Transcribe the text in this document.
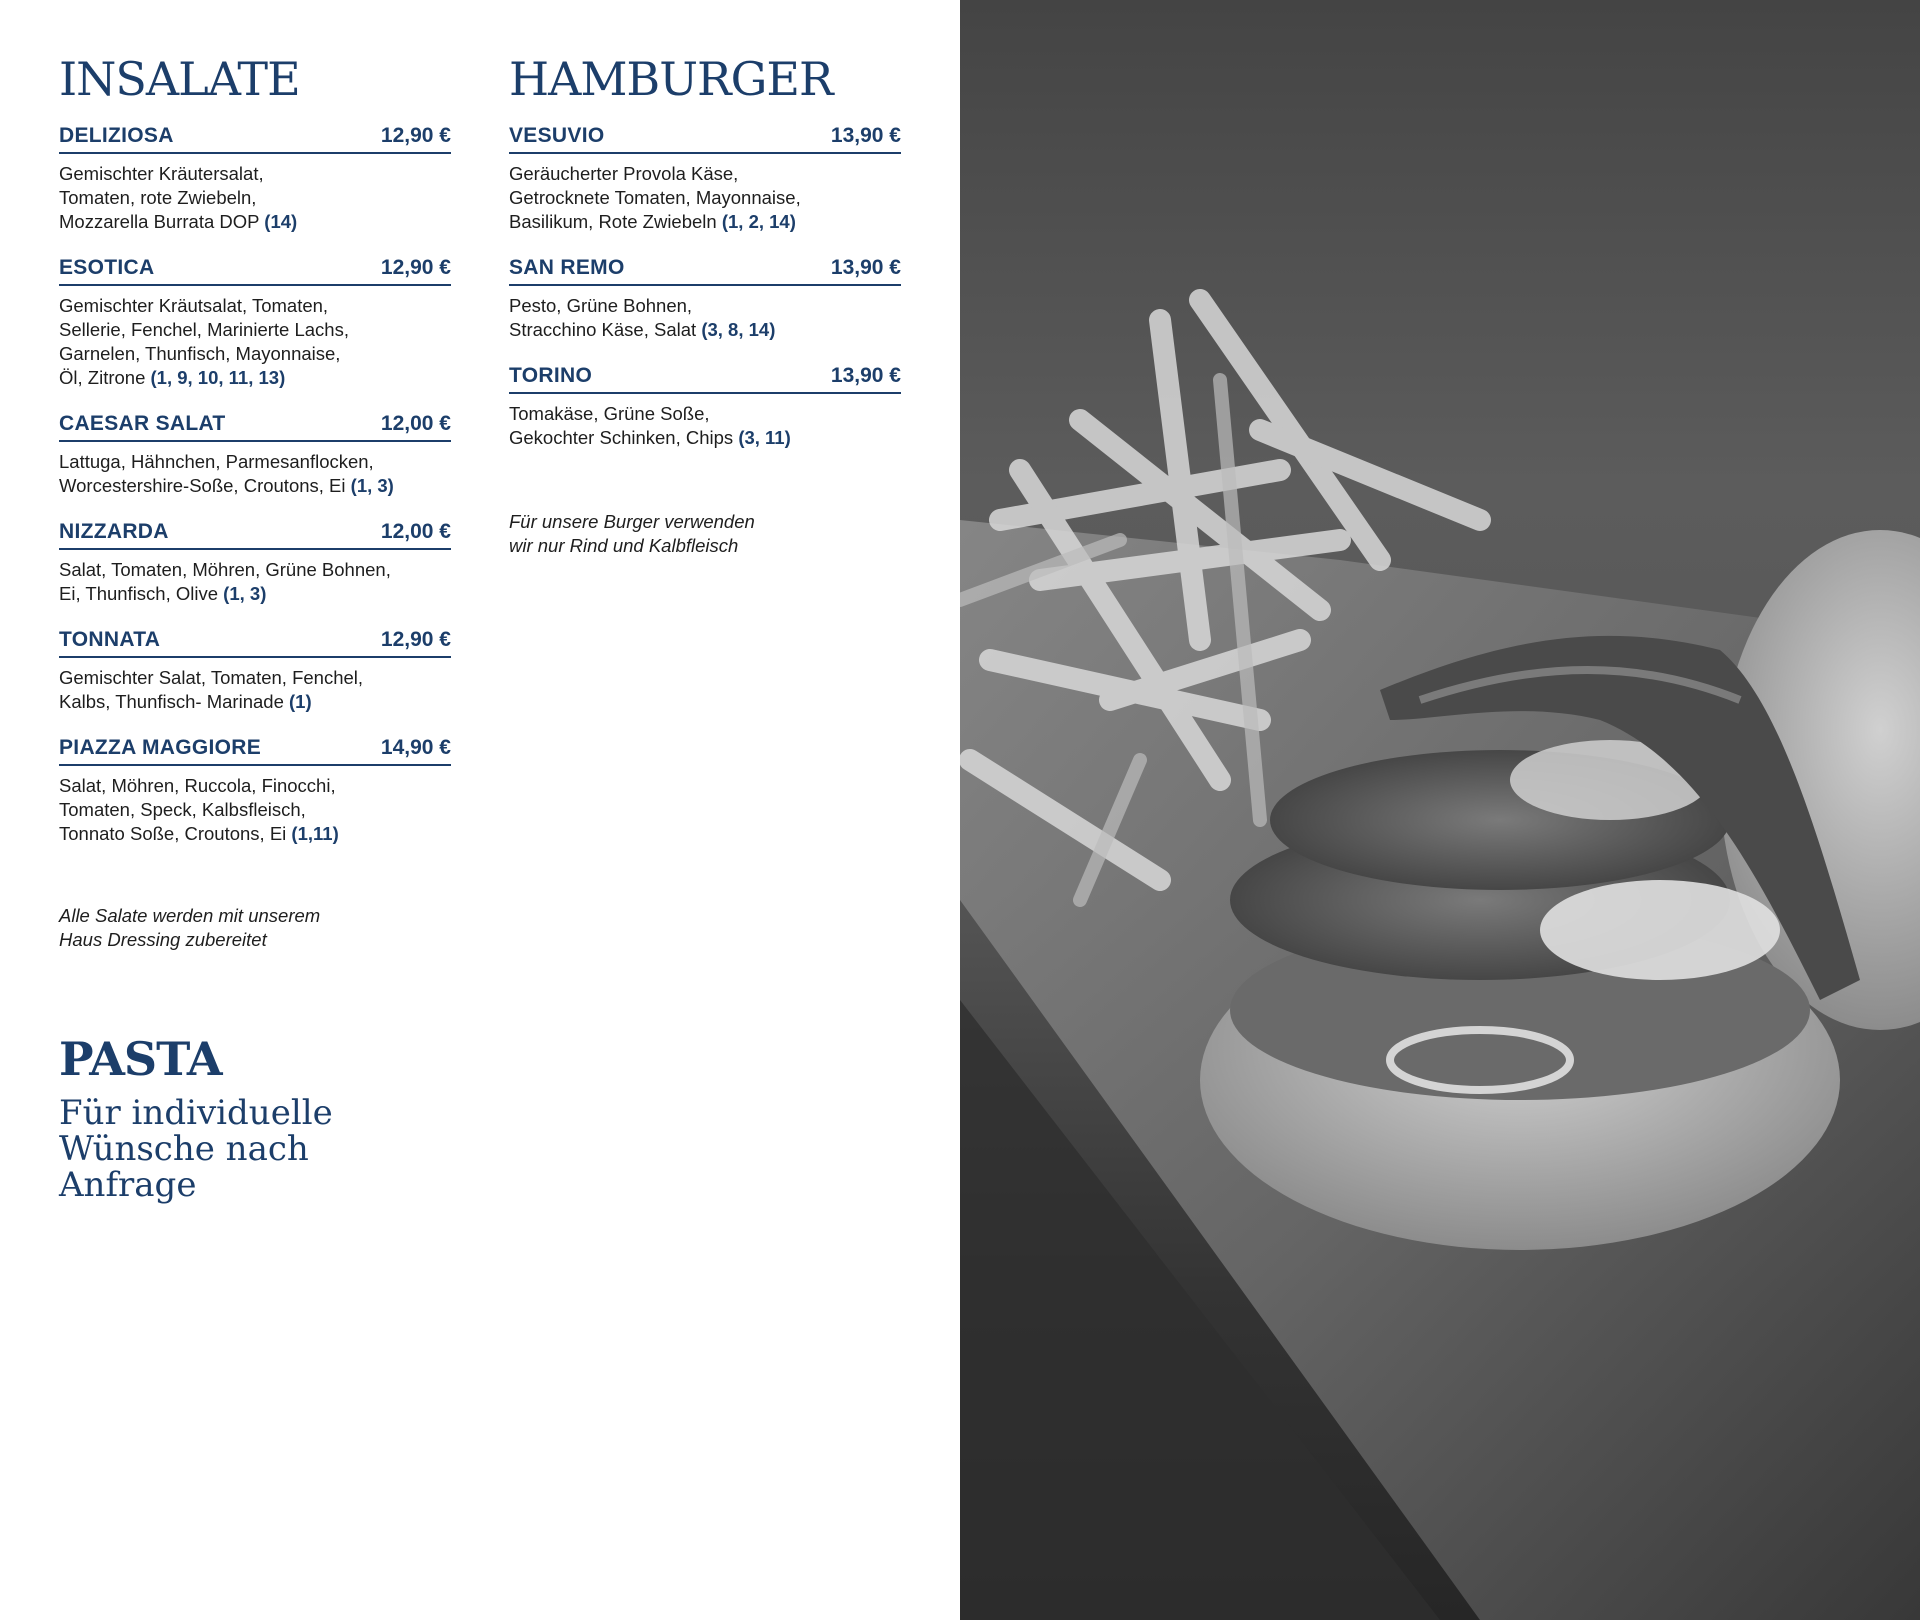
INSALATE
DELIZIOSA	12,90 €
Gemischter Kräutersalat,
Tomaten, rote Zwiebeln,
Mozzarella Burrata DOP (14)
ESOTICA	12,90 €
Gemischter Kräutsalat, Tomaten,
Sellerie, Fenchel, Marinierte Lachs,
Garnelen, Thunfisch, Mayonnaise,
Öl, Zitrone (1, 9, 10, 11, 13)
CAESAR SALAT	12,00 €
Lattuga, Hähnchen, Parmesanflocken,
Worcestershire-Soße, Croutons, Ei (1, 3)
NIZZARDA	12,00 €
Salat, Tomaten, Möhren, Grüne Bohnen,
Ei, Thunfisch, Olive (1, 3)
TONNATA	12,90 €
Gemischter Salat, Tomaten, Fenchel,
Kalbs, Thunfisch- Marinade (1)
PIAZZA MAGGIORE	14,90 €
Salat, Möhren, Ruccola, Finocchi,
Tomaten, Speck, Kalbsfleisch,
Tonnato Soße, Croutons, Ei (1,11)
Alle Salate werden mit unserem
Haus Dressing zubereitet
PASTA
Für individuelle
Wünsche nach
Anfrage
HAMBURGER
VESUVIO	13,90 €
Geräucherter Provola Käse,
Getrocknete Tomaten, Mayonnaise,
Basilikum, Rote Zwiebeln (1, 2, 14)
SAN REMO	13,90 €
Pesto, Grüne Bohnen,
Stracchino Käse, Salat (3, 8, 14)
TORINO	13,90 €
Tomakäse, Grüne Soße,
Gekochter Schinken, Chips (3, 11)
Für unsere Burger verwenden
wir nur Rind und Kalbfleisch
